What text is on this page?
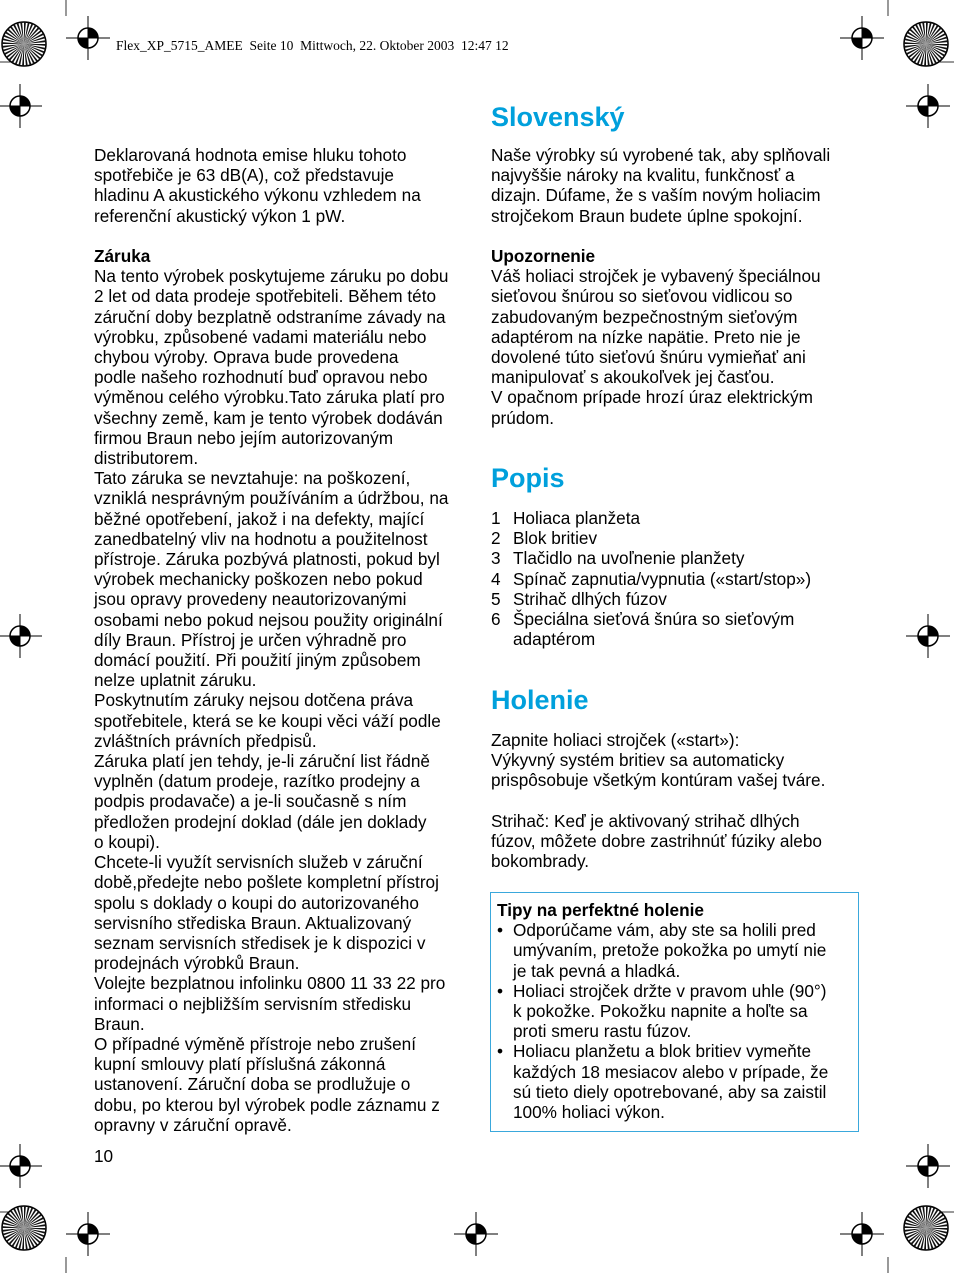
Flex_XP_5715_AMEE Seite 10 Mittwoch, 22. Oktober 2003 12:47 12

Deklarovaná hodnota emise hluku tohoto

spotřebiče je 63 dB(A), což představuje

hladinu A akustického výkonu vzhledem na

referenční akustický výkon 1 pW.

Záruka

Na tento výrobek poskytujeme záruku po dobu

2 let od data prodeje spotřebiteli. Během této

záruční doby bezplatně odstraníme závady na

výrobku, způsobené vadami materiálu nebo

chybou výroby. Oprava bude provedena

podle našeho rozhodnutí buď opravou nebo

výměnou celého výrobku.Tato záruka platí pro

všechny země, kam je tento výrobek dodáván

firmou Braun nebo jejím autorizovaným

distributorem.

Tato záruka se nevztahuje: na poškození,

vzniklá nesprávným používáním a údržbou, na

běžné opotřebení, jakož i na defekty, mající

zanedbatelný vliv na hodnotu a použitelnost

přístroje. Záruka pozbývá platnosti, pokud byl

výrobek mechanicky poškozen nebo pokud

jsou opravy provedeny neautorizovanými

osobami nebo pokud nejsou použity originální

díly Braun. Přístroj je určen výhradně pro

domácí použití. Při použití jiným způsobem

nelze uplatnit záruku.

Poskytnutím záruky nejsou dotčena práva

spotřebitele, která se ke koupi věci váží podle

zvláštních právních předpisů.

Záruka platí jen tehdy, je-li záruční list řádně

vyplněn (datum prodeje, razítko prodejny a

podpis prodavače) a je-li současně s ním

předložen prodejní doklad (dále jen doklady

o koupi).

Chcete-li využít servisních služeb v záruční

době,předejte nebo pošlete kompletní přístroj

spolu s doklady o koupi do autorizovaného

servisního střediska Braun. Aktualizovaný

seznam servisních středisek je k dispozici v

prodejnách výrobků Braun.

Volejte bezplatnou infolinku 0800 11 33 22 pro

informaci o nejbližším servisním středisku

Braun.

O případné výměně přístroje nebo zrušení

kupní smlouvy platí příslušná zákonná

ustanovení. Záruční doba se prodlužuje o

dobu, po kterou byl výrobek podle záznamu z

opravny v záruční opravě.

Slovenský

Naše výrobky sú vyrobené tak, aby splňovali

najvyššie nároky na kvalitu, funkčnosť a

dizajn. Dúfame, že s vaším novým holiacim

strojčekom Braun budete úplne spokojní.

Upozornenie

Váš holiaci strojček je vybavený špeciálnou

sieťovou šnúrou so sieťovou vidlicou so

zabudovaným bezpečnostným sieťovým

adaptérom na nízke napätie. Preto nie je

dovolené túto sieťovú šnúru vymieňať ani

manipulovať s akoukoľvek jej časťou.

V opačnom prípade hrozí úraz elektrickým

prúdom.

Popis
1 Holiaca planžeta
2 Blok britiev
3 Tlačidlo na uvoľnenie planžety
4 Spínač zapnutia/vypnutia («start/stop»)
5 Strihač dlhých fúzov
6 Špeciálna sieťová šnúra so sieťovým
adaptérom
Holenie

Zapnite holiaci strojček («start»):

Výkyvný systém britiev sa automaticky

prispôsobuje všetkým kontúram vašej tváre.

Strihač: Keď je aktivovaný strihač dlhých

fúzov, môžete dobre zastrihnúť fúziky alebo

bokombrady.

Tipy na perfektné holenie

• Odporúčame vám, aby ste sa holili pred
umývaním, pretože pokožka po umytí nie
je tak pevná a hladká.
• Holiaci strojček držte v pravom uhle (90°)
k pokožke. Pokožku napnite a hoľte sa
proti smeru rastu fúzov.
• Holiacu planžetu a blok britiev vymeňte
každých 18 mesiacov alebo v prípade, že
sú tieto diely opotrebované, aby sa zaistil
100% holiaci výkon.
10
